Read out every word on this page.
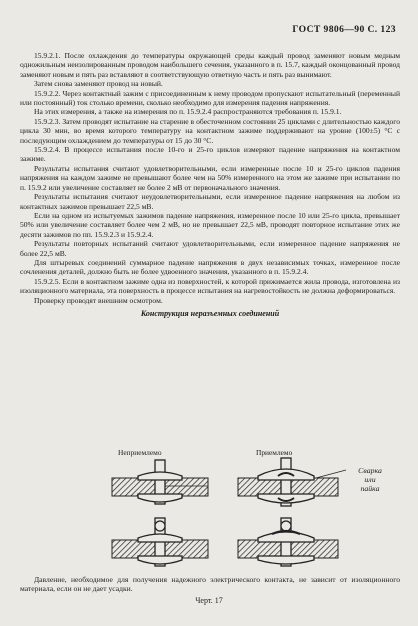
ГОСТ 9806—90 С. 123

15.9.2.1. После охлаждения до температуры окружающей среды каждый провод заменяют новым медным одножильным неизолированным проводом наибольшего сечения, указанного в п. 15.7, каждый оконцованный провод заменяют новым и пять раз вставляют в соответствующую ответную часть и пять раз вынимают.

Затем снова заменяют провод на новый.

15.9.2.2. Через контактный зажим с присоединенным к нему проводом пропускают испытательный (переменный или постоянный) ток столько времени, сколько необходимо для измерения падения напряжения.

На этих измерения, а также на измерения по п. 15.9.2.4 распространяются требования п. 15.9.1.

15.9.2.3. Затем проводят испытание на старение в обесточенном состоянии 25 циклами с длительностью каждого цикла 30 мин, во время которого температуру на контактном зажиме поддерживают на уровне (100±5) °С с последующим охлаждением до температуры от 15 до 30 °С.

15.9.2.4. В процессе испытания после 10-го и 25-го циклов измеряют падение напряжения на контактном зажиме.

Результаты испытания считают удовлетворительными, если измеренные после 10 и 25-го циклов падения напряжения на каждом зажиме не превышают более чем на 50% измеренного на этом же зажиме при испытании по п. 15.9.2 или увеличение составляет не более 2 мВ от первоначального значения.

Результаты испытания считают неудовлетворительными, если измеренное падение напряжения на любом из контактных зажимов превышает 22,5 мВ.

Если на одном из испытуемых зажимов падение напряжения, измеренное после 10 или 25-го цикла, превышает 50% или увеличение составляет более чем 2 мВ, но не превышает 22,5 мВ, проводят повторное испытание этих же десяти зажимов по пп. 15.9.2.3 и 15.9.2.4.

Результаты повторных испытаний считают удовлетворительными, если измеренное падение напряжения не более 22,5 мВ.

Для штыревых соединений суммарное падение напряжения в двух независимых точках, измеренное после сочленения деталей, должно быть не более удвоенного значения, указанного в п. 15.9.2.4.

15.9.2.5. Если в контактном зажиме одна из поверхностей, к которой прижимается жила провода, изготовлена из изоляционного материала, эта поверхность в процессе испытания на нагревостойкость не должна деформироваться.

Проверку проводят внешним осмотром.

Конструкция неразъемных соединений

Неприемлемо	Приемлемо
Сварка
или
пайка
Давление, необходимое для получения надежного электрического контакта, не зависит от изоляционного материала, если он не дает усадки.
Черт. 17
